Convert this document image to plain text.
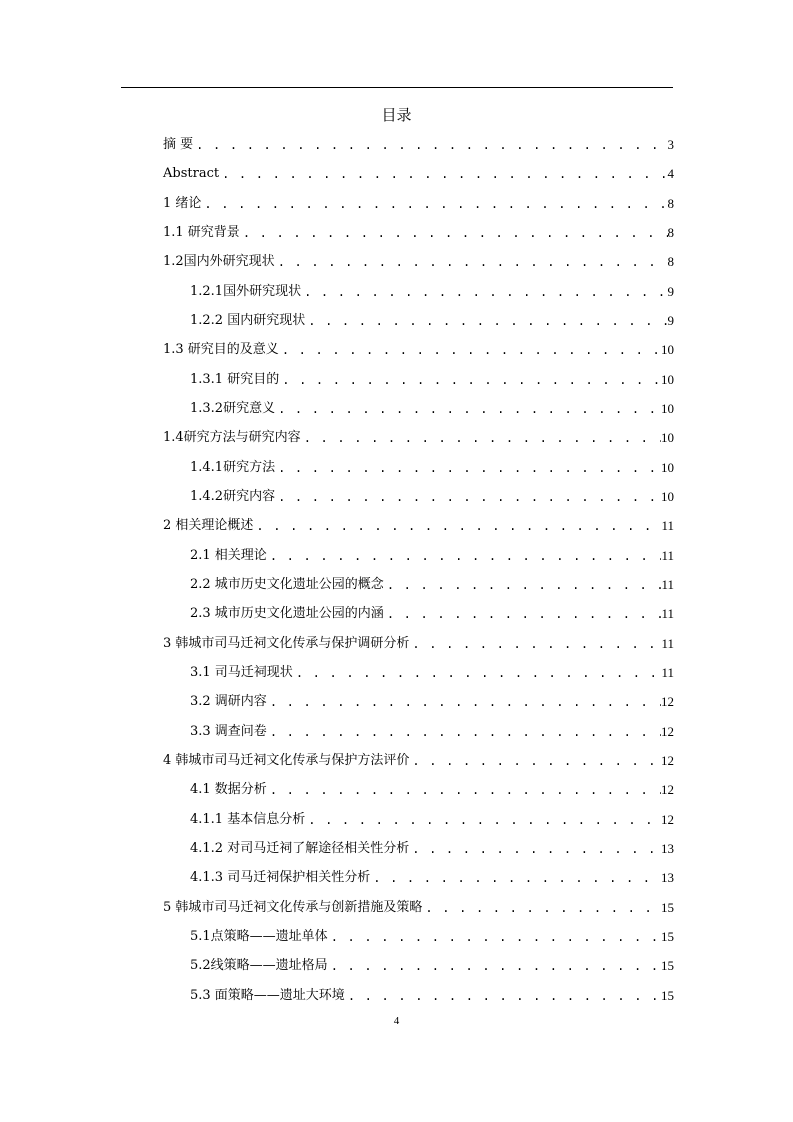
目录
摘 要 . . .	3
Abstract . . .	4
1 绪论 . . .	8
1.1 研究背景 . . .	8
1.2国内外研究现状 . . .	8
1.2.1国外研究现状 . . .	9
1.2.2 国内研究现状 . . .	9
1.3 研究目的及意义 . . .	10
1.3.1 研究目的 . . .	10
1.3.2研究意义 . . .	10
1.4研究方法与研究内容 . . .	10
1.4.1研究方法 . . .	10
1.4.2研究内容 . . .	10
2 相关理论概述 . . .	11
2.1 相关理论 . . .	11
2.2 城市历史文化遗址公园的概念 . . .	11
2.3 城市历史文化遗址公园的内涵 . . .	11
3 韩城市司马迁祠文化传承与保护调研分析 . . .	11
3.1 司马迁祠现状 . . .	11
3.2 调研内容 . . .	12
3.3 调查问卷 . . .	12
4 韩城市司马迁祠文化传承与保护方法评价 . . .	12
4.1 数据分析 . . .	12
4.1.1 基本信息分析 . . .	12
4.1.2 对司马迁祠了解途径相关性分析 . . .	13
4.1.3 司马迁祠保护相关性分析 . . .	13
5 韩城市司马迁祠文化传承与创新措施及策略 . . .	15
5.1点策略——遗址单体 . . .	15
5.2线策略——遗址格局 . . .	15
5.3 面策略——遗址大环境 . . .	15
4
